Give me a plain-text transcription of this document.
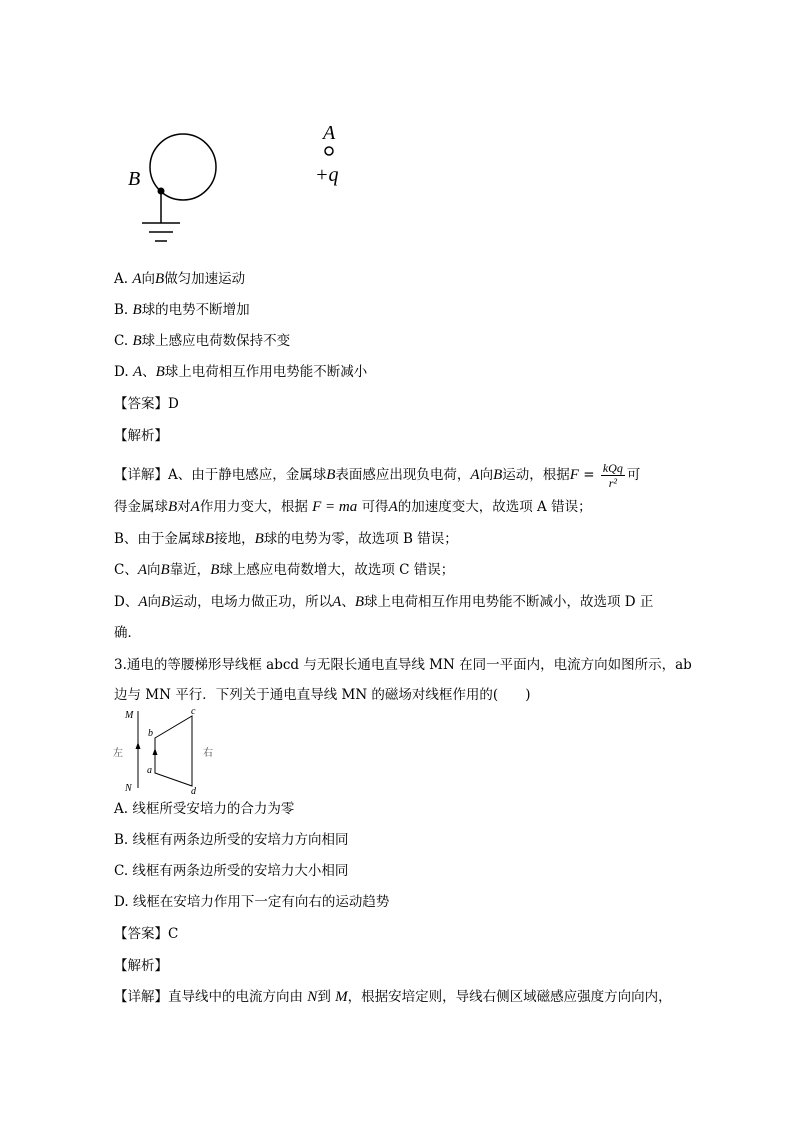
B
A
+q
A. A向B做匀加速运动
B. B球的电势不断增加
C. B球上感应电荷数保持不变
D. A、B球上电荷相互作用电势能不断减小
【答案】D
【解析】
【详解】A、由于静电感应，金属球B表面感应出现负电荷，A向B运动，根据$F = \frac{\text{kQq}}{\text{r²}}$ 可
得金属球B对A作用力变大，根据 F = ma 可得A的加速度变大，故选项 A 错误；
B、由于金属球B接地，B球的电势为零，故选项 B 错误；
C、A向B靠近，B球上感应电荷数增大，故选项 C 错误；
D、A向B运动，电场力做正功，所以A、B球上电荷相互作用电势能不断减小，故选项 D 正
确．
3.通电的等腰梯形导线框 abcd 与无限长通电直导线 MN 在同一平面内，电流方向如图所示，ab
边与 MN 平行．下列关于通电直导线 MN 的磁场对线框作用的(　　)
M
N
b
a
c
d
左	右
A. 线框所受安培力的合力为零
B. 线框有两条边所受的安培力方向相同
C. 线框有两条边所受的安培力大小相同
D. 线框在安培力作用下一定有向右的运动趋势
【答案】C
【解析】
【详解】直导线中的电流方向由 N到 M，根据安培定则，导线右侧区域磁感应强度方向向内，
